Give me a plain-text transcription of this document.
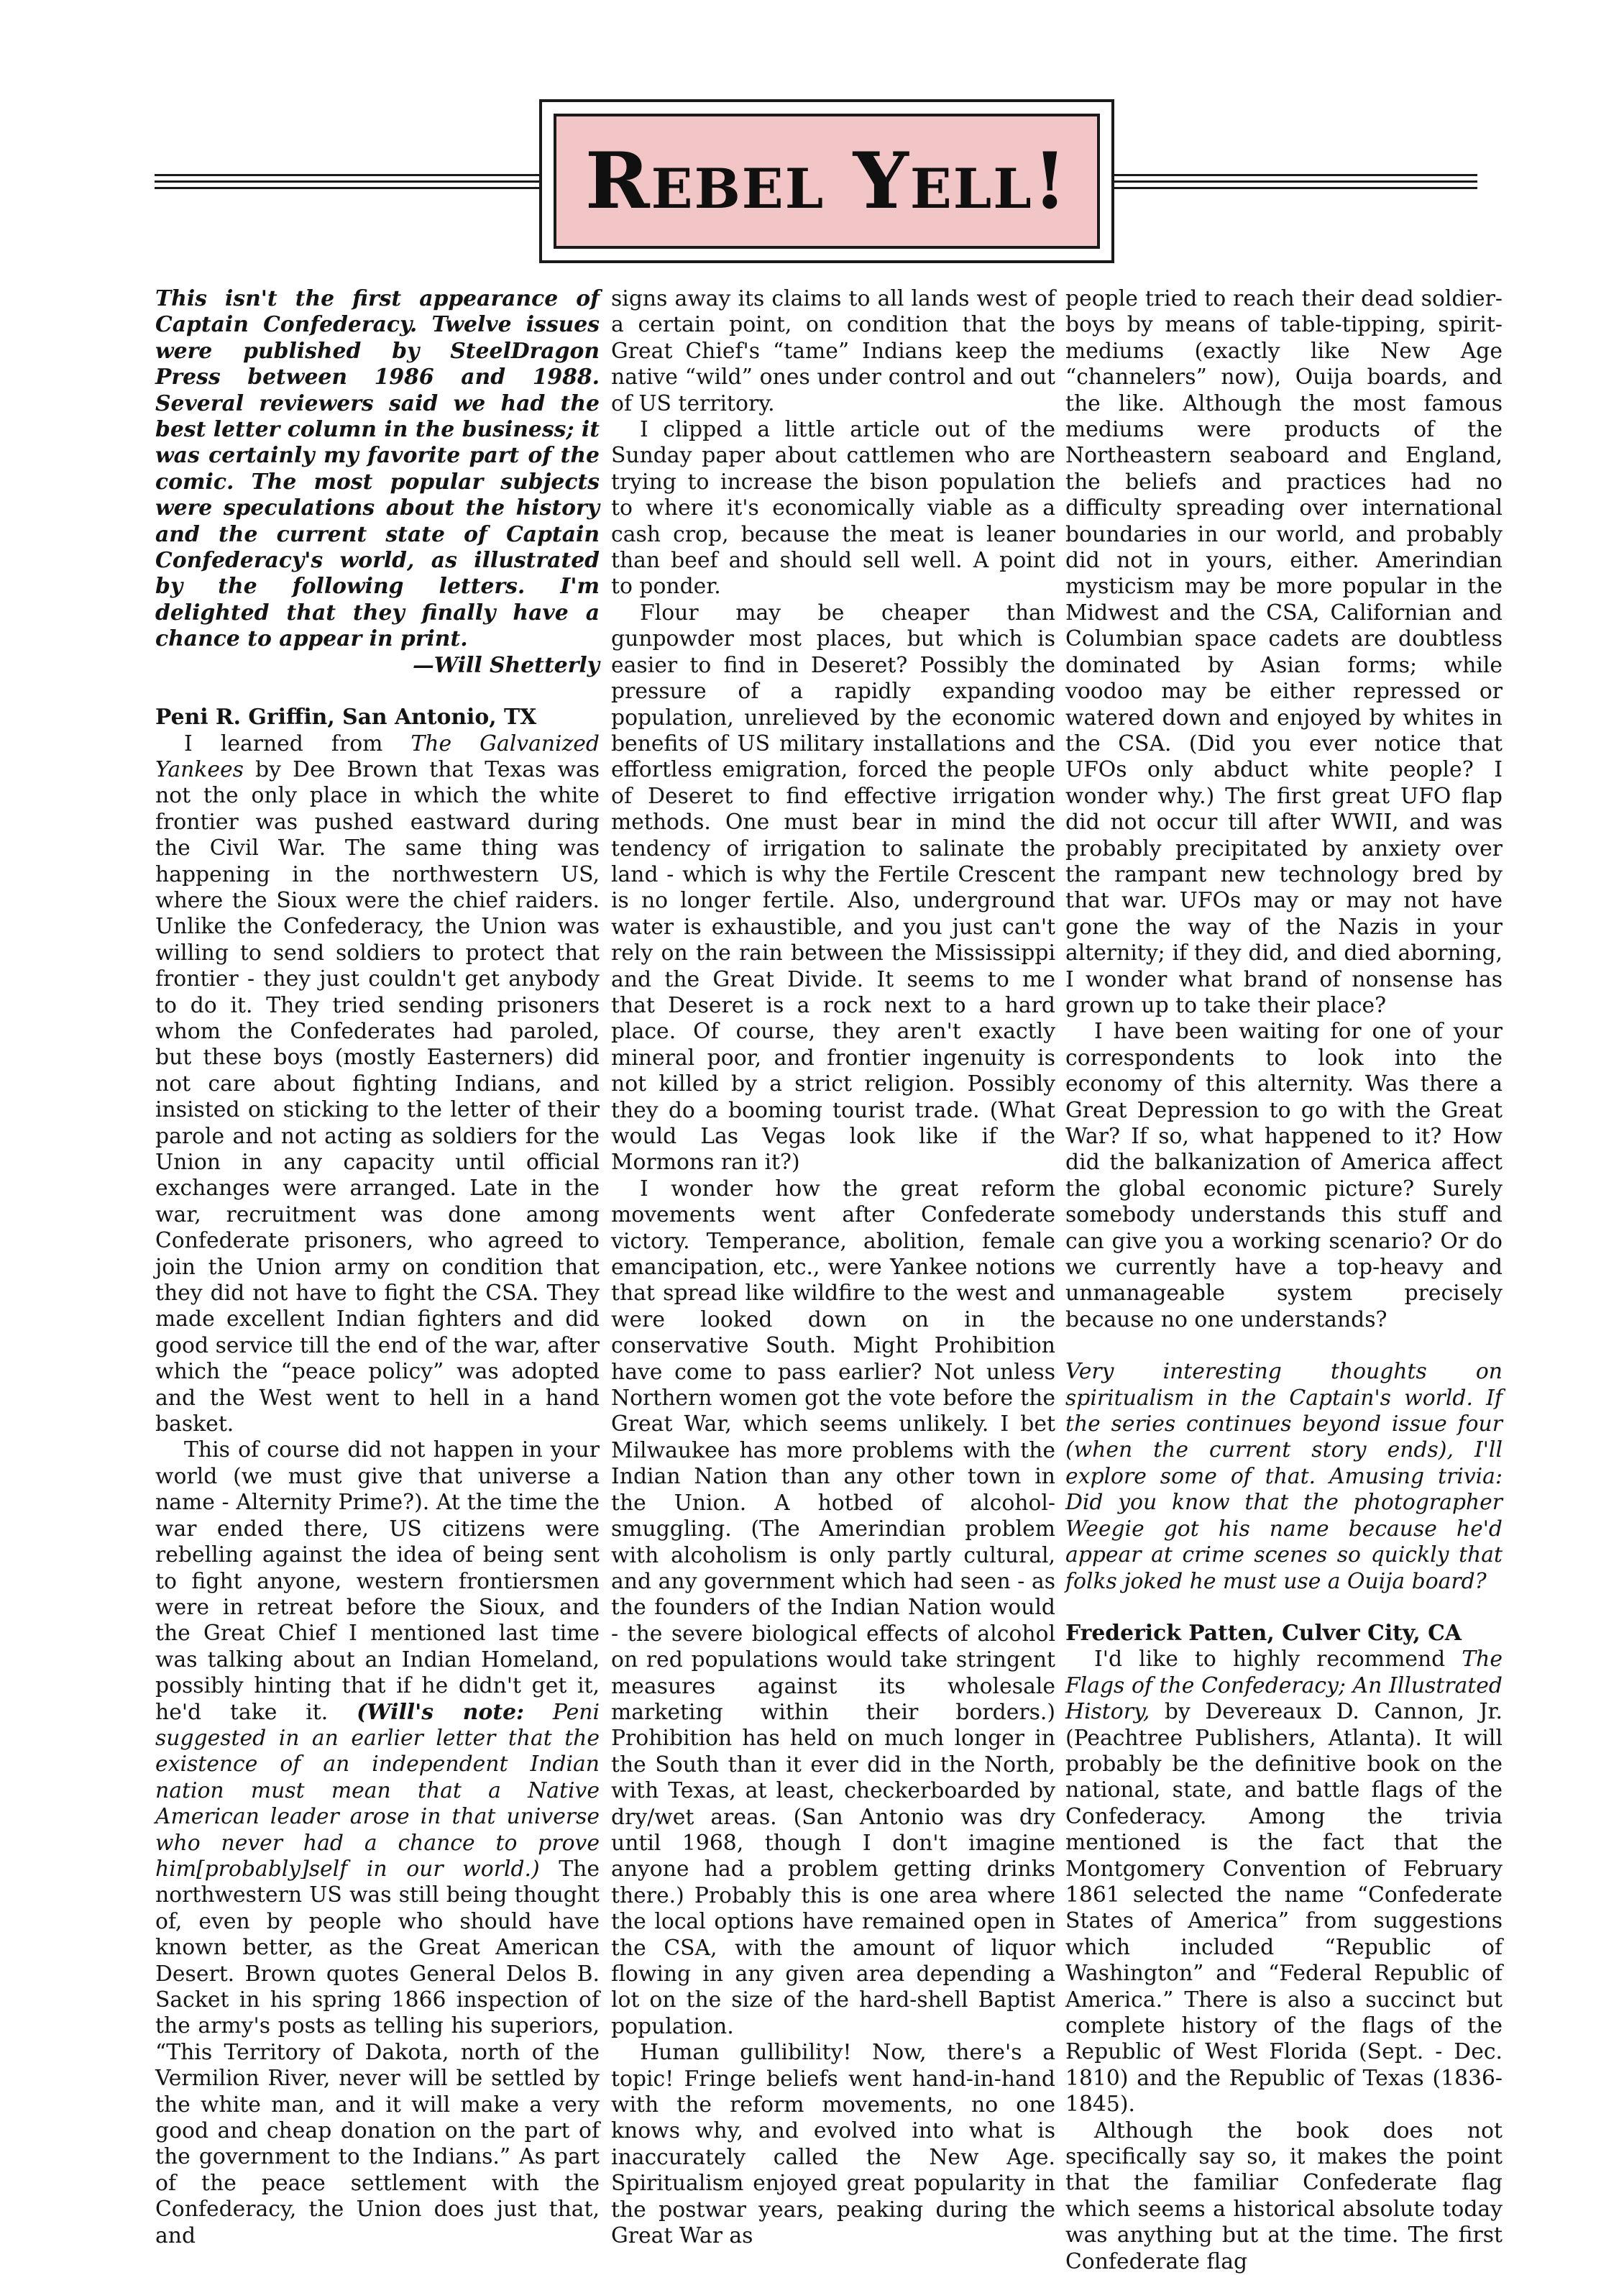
Rebel Yell!

This isn't the first appearance of Captain Confederacy. Twelve issues were published by SteelDragon Press between 1986 and 1988. Several reviewers said we had the best letter column in the business; it was certainly my favorite part of the comic. The most popular subjects were speculations about the history and the current state of Captain Confederacy's world, as illustrated by the following letters. I'm delighted that they finally have a chance to appear in print.

—Will Shetterly

Peni R. Griffin, San Antonio, TX

I learned from The Galvanized Yankees by Dee Brown that Texas was not the only place in which the white frontier was pushed eastward during the Civil War. The same thing was happening in the northwestern US, where the Sioux were the chief raiders. Unlike the Confederacy, the Union was willing to send soldiers to protect that frontier - they just couldn't get anybody to do it. They tried sending prisoners whom the Confederates had paroled, but these boys (mostly Easterners) did not care about fighting Indians, and insisted on sticking to the letter of their parole and not acting as soldiers for the Union in any capacity until official exchanges were arranged. Late in the war, recruitment was done among Confederate prisoners, who agreed to join the Union army on condition that they did not have to fight the CSA. They made excellent Indian fighters and did good service till the end of the war, after which the “peace policy” was adopted and the West went to hell in a hand basket.

This of course did not happen in your world (we must give that universe a name - Alternity Prime?). At the time the war ended there, US citizens were rebelling against the idea of being sent to fight anyone, western frontiersmen were in retreat before the Sioux, and the Great Chief I mentioned last time was talking about an Indian Homeland, possibly hinting that if he didn't get it, he'd take it. (Will's note: Peni suggested in an earlier letter that the existence of an independent Indian nation must mean that a Native American leader arose in that universe who never had a chance to prove him[probably]self in our world.) The northwestern US was still being thought of, even by people who should have known better, as the Great American Desert. Brown quotes General Delos B. Sacket in his spring 1866 inspection of the army's posts as telling his superiors, “This Territory of Dakota, north of the Vermilion River, never will be settled by the white man, and it will make a very good and cheap donation on the part of the government to the Indians.” As part of the peace settlement with the Confederacy, the Union does just that, and

signs away its claims to all lands west of a certain point, on condition that the Great Chief's “tame” Indians keep the native “wild” ones under control and out of US territory.

I clipped a little article out of the Sunday paper about cattlemen who are trying to increase the bison population to where it's economically viable as a cash crop, because the meat is leaner than beef and should sell well. A point to ponder.

Flour may be cheaper than gunpowder most places, but which is easier to find in Deseret? Possibly the pressure of a rapidly expanding population, unrelieved by the economic benefits of US military installations and effortless emigration, forced the people of Deseret to find effective irrigation methods. One must bear in mind the tendency of irrigation to salinate the land - which is why the Fertile Crescent is no longer fertile. Also, underground water is exhaustible, and you just can't rely on the rain between the Mississippi and the Great Divide. It seems to me that Deseret is a rock next to a hard place. Of course, they aren't exactly mineral poor, and frontier ingenuity is not killed by a strict religion. Possibly they do a booming tourist trade. (What would Las Vegas look like if the Mormons ran it?)

I wonder how the great reform movements went after Confederate victory. Temperance, abolition, female emancipation, etc., were Yankee notions that spread like wildfire to the west and were looked down on in the conservative South. Might Prohibition have come to pass earlier? Not unless Northern women got the vote before the Great War, which seems unlikely. I bet Milwaukee has more problems with the Indian Nation than any other town in the Union. A hotbed of alcohol-smuggling. (The Amerindian problem with alcoholism is only partly cultural, and any government which had seen - as the founders of the Indian Nation would - the severe biological effects of alcohol on red populations would take stringent measures against its wholesale marketing within their borders.) Prohibition has held on much longer in the South than it ever did in the North, with Texas, at least, checkerboarded by dry/wet areas. (San Antonio was dry until 1968, though I don't imagine anyone had a problem getting drinks there.) Probably this is one area where the local options have remained open in the CSA, with the amount of liquor flowing in any given area depending a lot on the size of the hard-shell Baptist population.

Human gullibility! Now, there's a topic! Fringe beliefs went hand-in-hand with the reform movements, no one knows why, and evolved into what is inaccurately called the New Age. Spiritualism enjoyed great popularity in the postwar years, peaking during the Great War as

people tried to reach their dead soldier-boys by means of table-tipping, spirit-mediums (exactly like New Age “channelers” now), Ouija boards, and the like. Although the most famous mediums were products of the Northeastern seaboard and England, the beliefs and practices had no difficulty spreading over international boundaries in our world, and probably did not in yours, either. Amerindian mysticism may be more popular in the Midwest and the CSA, Californian and Columbian space cadets are doubtless dominated by Asian forms; while voodoo may be either repressed or watered down and enjoyed by whites in the CSA. (Did you ever notice that UFOs only abduct white people? I wonder why.) The first great UFO flap did not occur till after WWII, and was probably precipitated by anxiety over the rampant new technology bred by that war. UFOs may or may not have gone the way of the Nazis in your alternity; if they did, and died aborning, I wonder what brand of nonsense has grown up to take their place?

I have been waiting for one of your correspondents to look into the economy of this alternity. Was there a Great Depression to go with the Great War? If so, what happened to it? How did the balkanization of America affect the global economic picture? Surely somebody understands this stuff and can give you a working scenario? Or do we currently have a top-heavy and unmanageable system precisely because no one understands?

Very interesting thoughts on spiritualism in the Captain's world. If the series continues beyond issue four (when the current story ends), I'll explore some of that. Amusing trivia: Did you know that the photographer Weegie got his name because he'd appear at crime scenes so quickly that folks joked he must use a Ouija board?

Frederick Patten, Culver City, CA

I'd like to highly recommend The Flags of the Confederacy; An Illustrated History, by Devereaux D. Cannon, Jr. (Peachtree Publishers, Atlanta). It will probably be the definitive book on the national, state, and battle flags of the Confederacy. Among the trivia mentioned is the fact that the Montgomery Convention of February 1861 selected the name “Confederate States of America” from suggestions which included “Republic of Washington” and “Federal Republic of America.” There is also a succinct but complete history of the flags of the Republic of West Florida (Sept. - Dec. 1810) and the Republic of Texas (1836-1845).

Although the book does not specifically say so, it makes the point that the familiar Confederate flag which seems a historical absolute today was anything but at the time. The first Confederate flag
